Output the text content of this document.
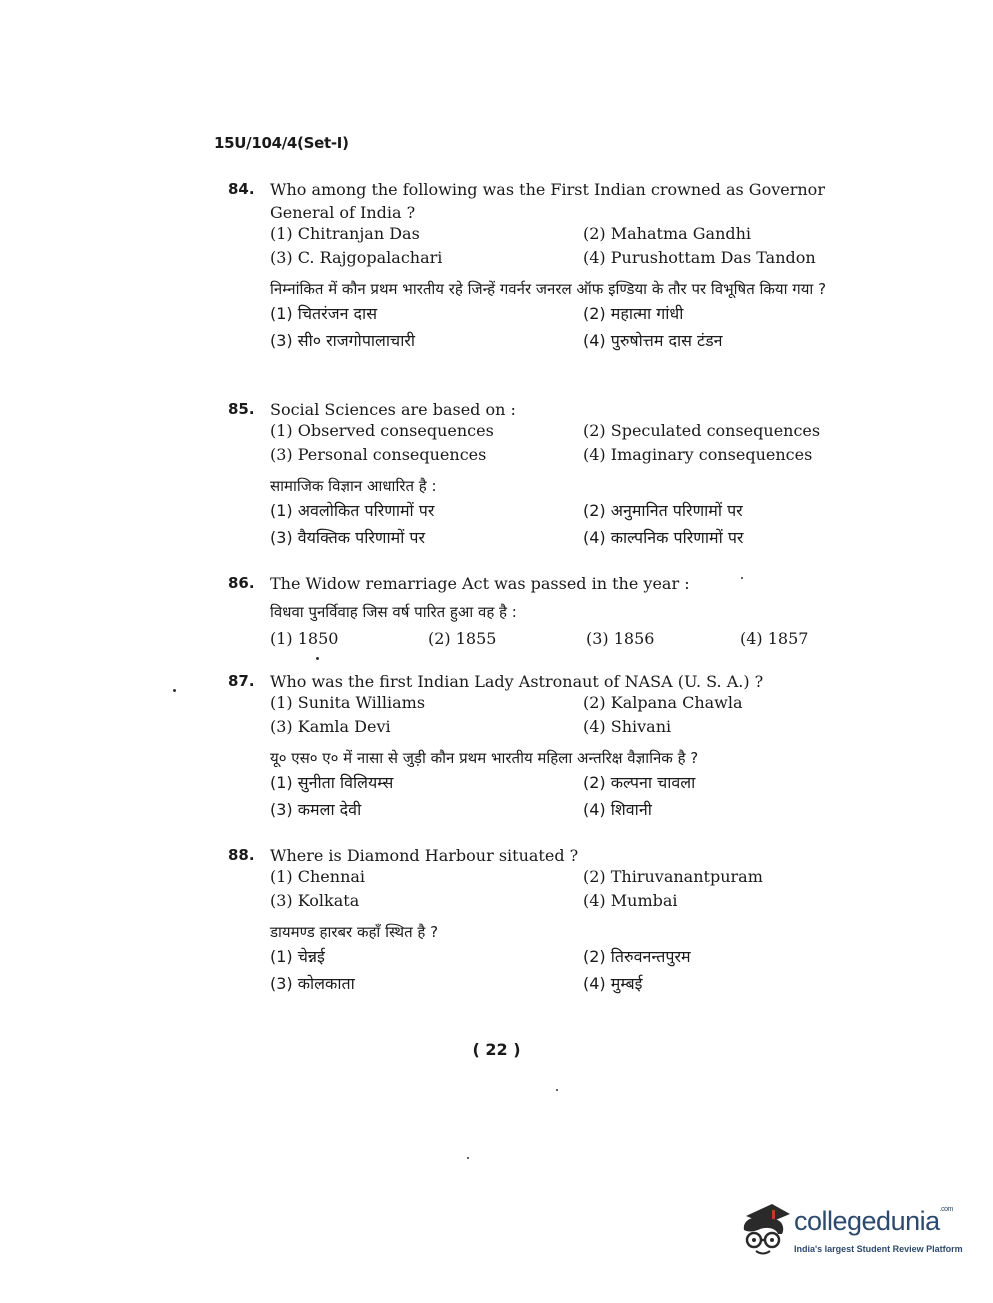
15U/104/4(Set-I)
84. Who among the following was the First Indian crowned as Governor General of India ?
(1) Chitranjan Das	(2) Mahatma Gandhi
(3) C. Rajgopalachari	(4) Purushottam Das Tandon
निम्नांकित में कौन प्रथम भारतीय रहे जिन्हें गवर्नर जनरल ऑफ इण्डिया के तौर पर विभूषित किया गया ?
(1) चितरंजन दास	(2) महात्मा गांधी
(3) सी० राजगोपालाचारी	(4) पुरुषोत्तम दास टंडन
85. Social Sciences are based on :
(1) Observed consequences	(2) Speculated consequences
(3) Personal consequences	(4) Imaginary consequences
सामाजिक विज्ञान आधारित है :
(1) अवलोकित परिणामों पर	(2) अनुमानित परिणामों पर
(3) वैयक्तिक परिणामों पर	(4) काल्पनिक परिणामों पर
86. The Widow remarriage Act was passed in the year :
विधवा पुनर्विवाह जिस वर्ष पारित हुआ वह है :
(1) 1850	(2) 1855	(3) 1856	(4) 1857
87. Who was the first Indian Lady Astronaut of NASA (U. S. A.) ?
(1) Sunita Williams	(2) Kalpana Chawla
(3) Kamla Devi	(4) Shivani
यू० एस० ए० में नासा से जुड़ी कौन प्रथम भारतीय महिला अन्तरिक्ष वैज्ञानिक है ?
(1) सुनीता विलियम्स	(2) कल्पना चावला
(3) कमला देवी	(4) शिवानी
88. Where is Diamond Harbour situated ?
(1) Chennai	(2) Thiruvanantpuram
(3) Kolkata	(4) Mumbai
डायमण्ड हारबर कहाँ स्थित है ?
(1) चेन्नई	(2) तिरुवनन्तपुरम
(3) कोलकाता	(4) मुम्बई
( 22 )
collegedunia$^{.com}$
India's largest Student Review Platform
